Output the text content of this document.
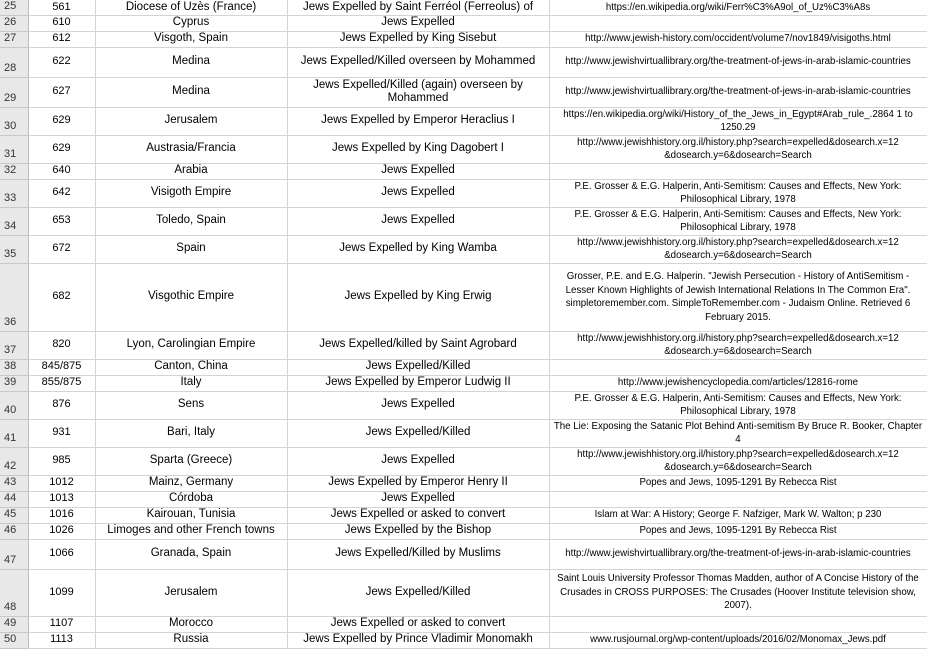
25	561	Diocese of Uzès (France)	Jews Expelled by Saint Ferréol (Ferreolus) of	https://en.wikipedia.org/wiki/Ferr%C3%A9ol_of_Uz%C3%A8s
26	610	Cyprus	Jews Expelled	
27	612	Visgoth, Spain	Jews Expelled by King Sisebut	http://www.jewish-history.com/occident/volume7/nov1849/visigoths.html
28	622	Medina	Jews Expelled/Killed overseen by Mohammed	http://www.jewishvirtuallibrary.org/the-treatment-of-jews-in-arab-islamic-countries
29	627	Medina	Jews Expelled/Killed (again) overseen by Mohammed	http://www.jewishvirtuallibrary.org/the-treatment-of-jews-in-arab-islamic-countries
30	629	Jerusalem	Jews Expelled by Emperor Heraclius I	https://en.wikipedia.org/wiki/History_of_the_Jews_in_Egypt#Arab_rule_.2864 1 to 1250.29
31	629	Austrasia/Francia	Jews Expelled by King Dagobert I	http://www.jewishhistory.org.il/history.php?search=expelled&dosearch.x=12 &dosearch.y=6&dosearch=Search
32	640	Arabia	Jews Expelled	
33	642	Visigoth Empire	Jews Expelled	P.E. Grosser & E.G. Halperin, Anti-Semitism: Causes and Effects, New York: Philosophical Library, 1978
34	653	Toledo, Spain	Jews Expelled	P.E. Grosser & E.G. Halperin, Anti-Semitism: Causes and Effects, New York: Philosophical Library, 1978
35	672	Spain	Jews Expelled by King Wamba	http://www.jewishhistory.org.il/history.php?search=expelled&dosearch.x=12 &dosearch.y=6&dosearch=Search
36	682	Visgothic Empire	Jews Expelled by King Erwig	Grosser, P.E. and E.G. Halperin. "Jewish Persecution - History of AntiSemitism - Lesser Known Highlights of Jewish International Relations In The Common Era". simpletoremember.com. SimpleToRemember.com - Judaism Online. Retrieved 6 February 2015.
37	820	Lyon, Carolingian Empire	Jews Expelled/killed by Saint Agrobard	http://www.jewishhistory.org.il/history.php?search=expelled&dosearch.x=12 &dosearch.y=6&dosearch=Search
38	845/875	Canton, China	Jews Expelled/Killed	
39	855/875	Italy	Jews Expelled by Emperor Ludwig II	http://www.jewishencyclopedia.com/articles/12816-rome
40	876	Sens	Jews Expelled	P.E. Grosser & E.G. Halperin, Anti-Semitism: Causes and Effects, New York: Philosophical Library, 1978
41	931	Bari, Italy	Jews Expelled/Killed	The Lie: Exposing the Satanic Plot Behind Anti-semitism By Bruce R. Booker, Chapter 4
42	985	Sparta (Greece)	Jews Expelled	http://www.jewishhistory.org.il/history.php?search=expelled&dosearch.x=12 &dosearch.y=6&dosearch=Search
43	1012	Mainz, Germany	Jews Expelled by Emperor Henry II	Popes and Jews, 1095-1291 By Rebecca Rist
44	1013	Córdoba	Jews Expelled	
45	1016	Kairouan, Tunisia	Jews Expelled or asked to convert	Islam at War: A History; George F. Nafziger, Mark W. Walton; p 230
46	1026	Limoges and other French towns	Jews Expelled by the Bishop	Popes and Jews, 1095-1291 By Rebecca Rist
47	1066	Granada, Spain	Jews Expelled/Killed by Muslims	http://www.jewishvirtuallibrary.org/the-treatment-of-jews-in-arab-islamic-countries
48	1099	Jerusalem	Jews Expelled/Killed	Saint Louis University Professor Thomas Madden, author of A Concise History of the Crusades in CROSS PURPOSES: The Crusades (Hoover Institute television show, 2007).
49	1107	Morocco	Jews Expelled or asked to convert	
50	1113	Russia	Jews Expelled by Prince Vladimir Monomakh	www.rusjournal.org/wp-content/uploads/2016/02/Monomax_Jews.pdf
